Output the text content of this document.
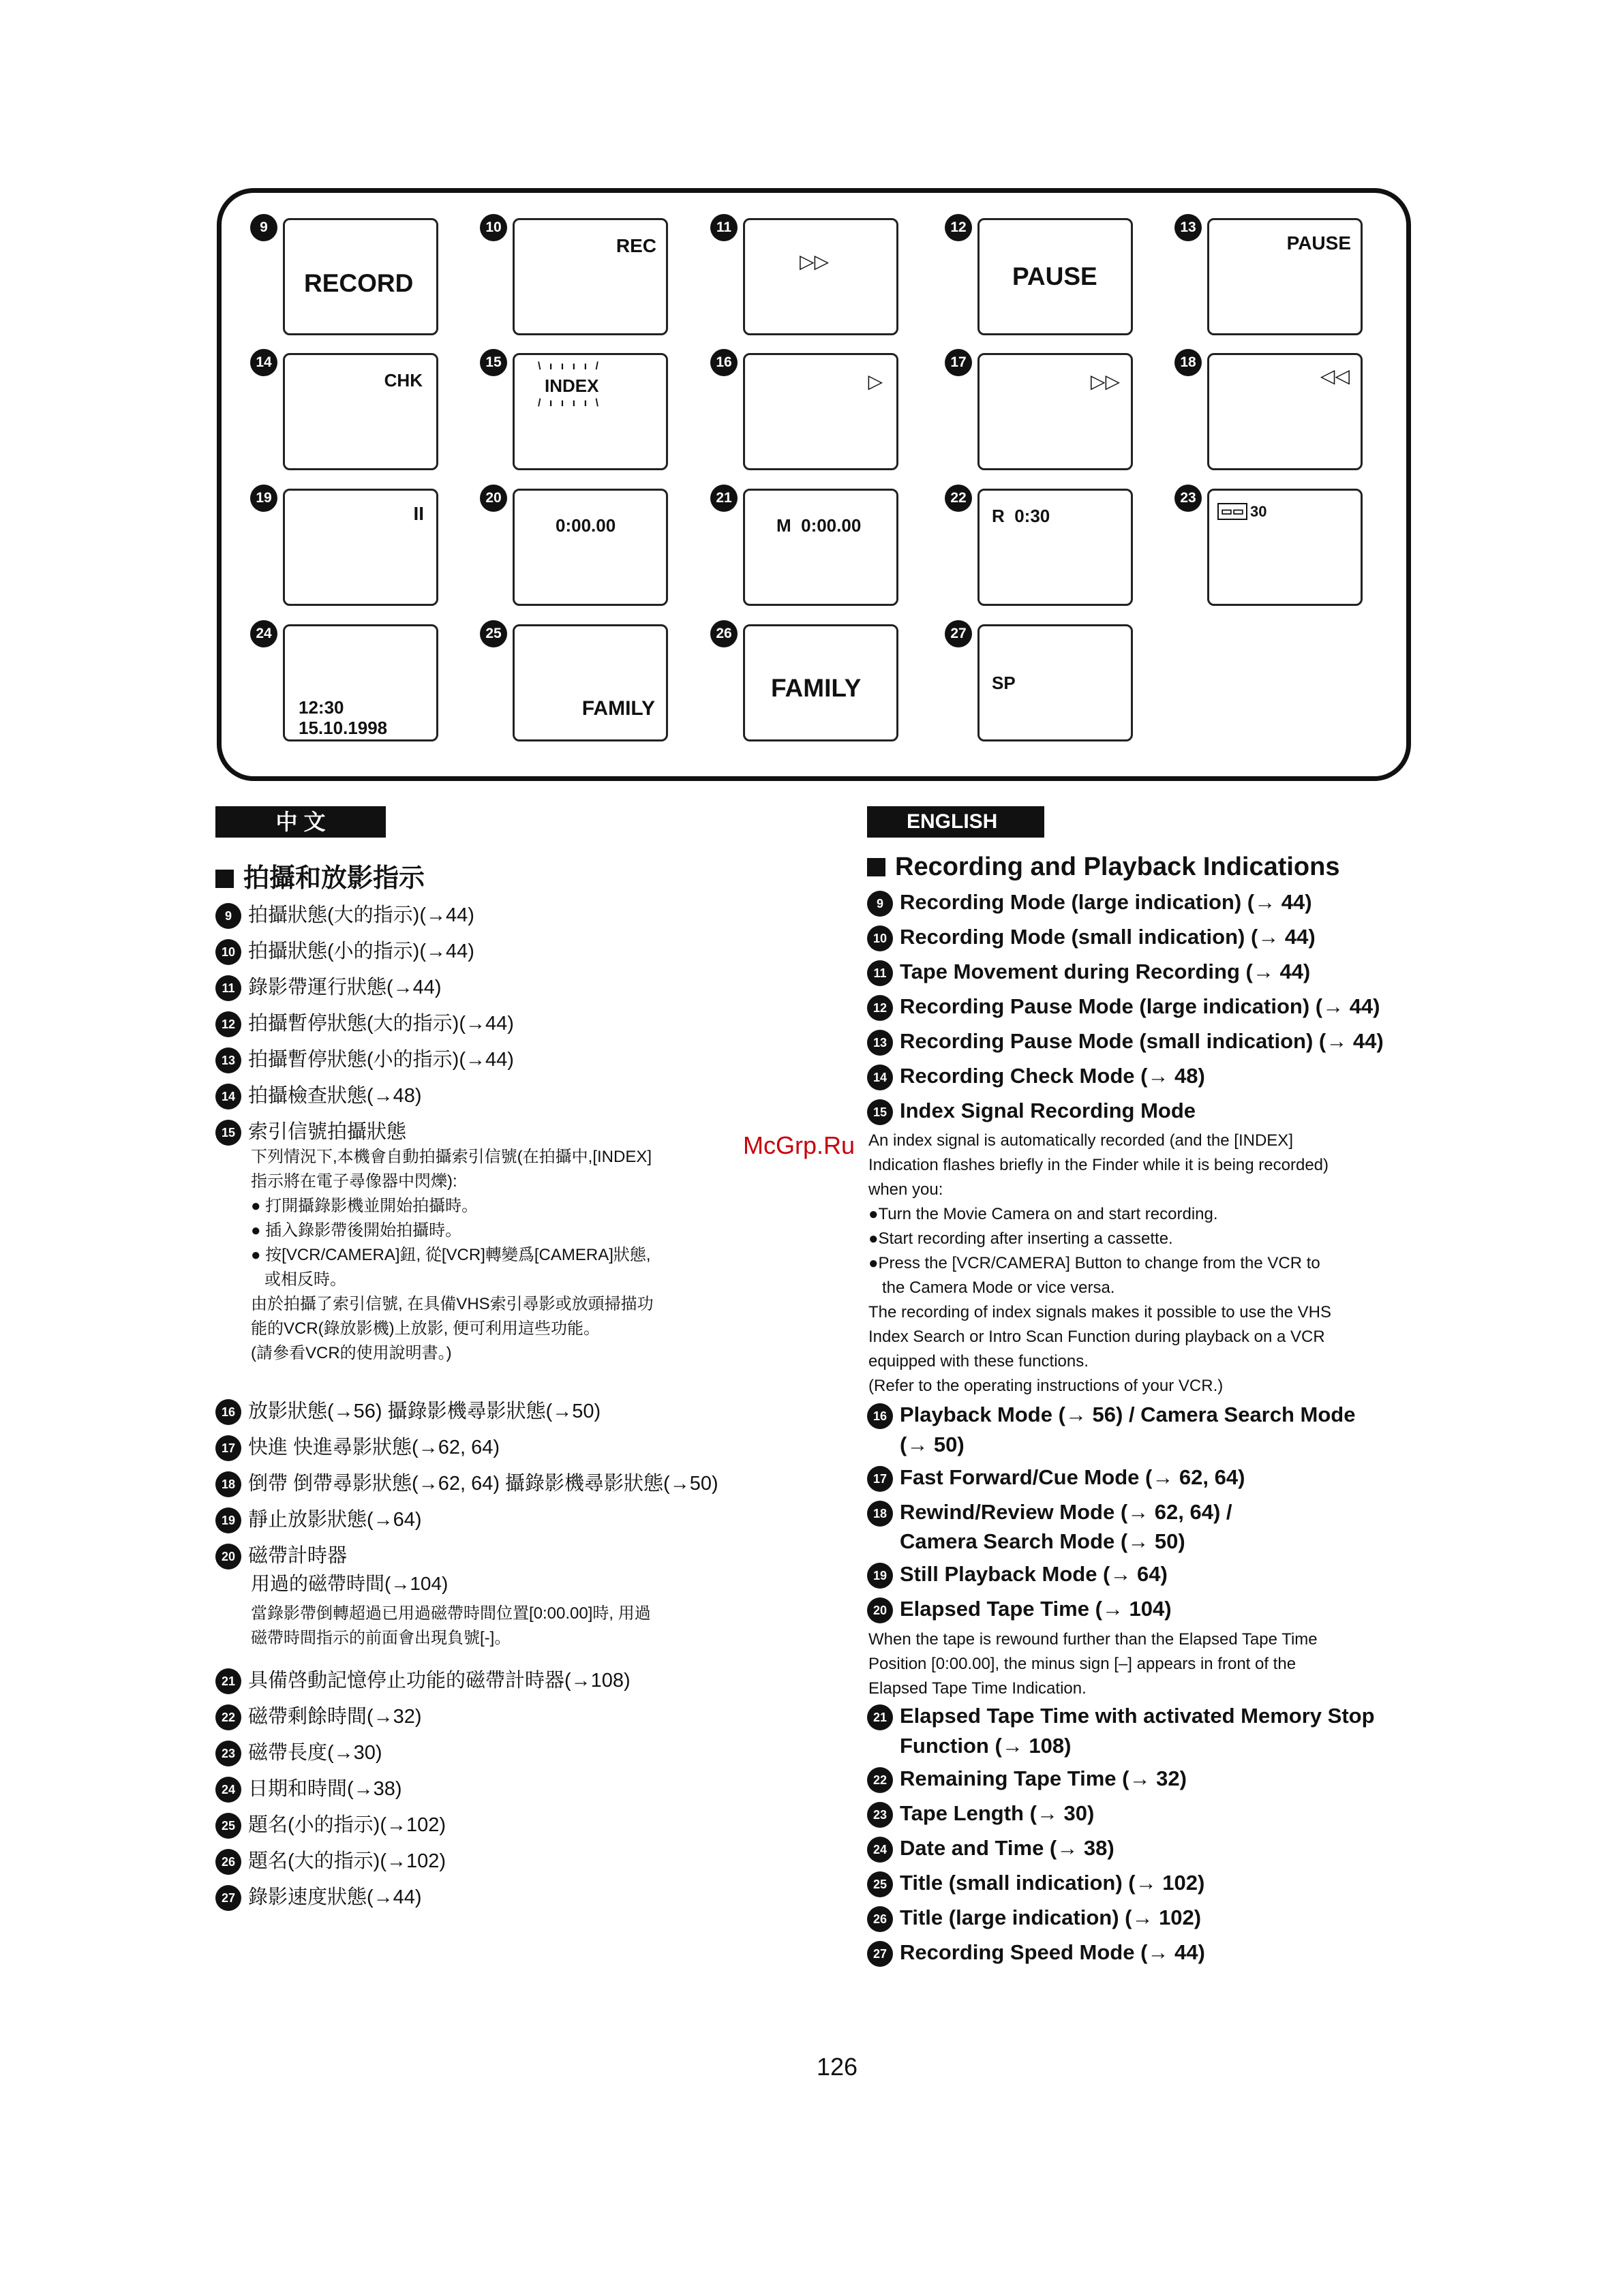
9
RECORD
10
REC
11
▷▷
12
PAUSE
13
PAUSE
14
CHK
15	\ ı ı ı ı /
INDEX
/ ı ı ı ı \
16
▷
17
▷▷
18
◁◁
19
II
20
0:00.00
21
M  0:00.00
22
R  0:30
23
▭▭ 30
24
12:30
15.10.1998
25
FAMILY
26
FAMILY
27
SP
中 文	ENGLISH
拍攝和放影指示
9 拍攝狀態(大的指示)(→44)
10 拍攝狀態(小的指示)(→44)
11 錄影帶運行狀態(→44)
12 拍攝暫停狀態(大的指示)(→44)
13 拍攝暫停狀態(小的指示)(→44)
14 拍攝檢查狀態(→48)
15 索引信號拍攝狀態
下列情況下,本機會自動拍攝索引信號(在拍攝中,[INDEX]
指示將在電子尋像器中閃爍):
● 打開攝錄影機並開始拍攝時。
● 插入錄影帶後開始拍攝時。
● 按[VCR/CAMERA]鈕, 從[VCR]轉變爲[CAMERA]狀態,
或相反時。
由於拍攝了索引信號, 在具備VHS索引尋影或放頭掃描功
能的VCR(錄放影機)上放影, 便可利用這些功能。
(請參看VCR的使用說明書。)
16 放影狀態(→56) 攝錄影機尋影狀態(→50)
17 快進 快進尋影狀態(→62, 64)
18 倒帶 倒帶尋影狀態(→62, 64) 攝錄影機尋影狀態(→50)
19 靜止放影狀態(→64)
20 磁帶計時器
用過的磁帶時間(→104)
當錄影帶倒轉超過已用過磁帶時間位置[0:00.00]時, 用過
磁帶時間指示的前面會出現負號[-]。
21 具備啓動記憶停止功能的磁帶計時器(→108)
22 磁帶剩餘時間(→32)
23 磁帶長度(→30)
24 日期和時間(→38)
25 題名(小的指示)(→102)
26 題名(大的指示)(→102)
27 錄影速度狀態(→44)
Recording and Playback Indications
9 Recording Mode (large indication) (→ 44)
10 Recording Mode (small indication) (→ 44)
11 Tape Movement during Recording (→ 44)
12 Recording Pause Mode (large indication) (→ 44)
13 Recording Pause Mode (small indication) (→ 44)
14 Recording Check Mode (→ 48)
15 Index Signal Recording Mode
An index signal is automatically recorded (and the [INDEX]
Indication flashes briefly in the Finder while it is being recorded)
when you:
●Turn the Movie Camera on and start recording.
●Start recording after inserting a cassette.
●Press the [VCR/CAMERA] Button to change from the VCR to
the Camera Mode or vice versa.
The recording of index signals makes it possible to use the VHS
Index Search or Intro Scan Function during playback on a VCR
equipped with these functions.
(Refer to the operating instructions of your VCR.)
16 Playback Mode (→ 56) / Camera Search Mode
(→ 50)
17 Fast Forward/Cue Mode (→ 62, 64)
18 Rewind/Review Mode (→ 62, 64) /
Camera Search Mode (→ 50)
19 Still Playback Mode (→ 64)
20 Elapsed Tape Time (→ 104)
When the tape is rewound further than the Elapsed Tape Time
Position [0:00.00], the minus sign [–] appears in front of the
Elapsed Tape Time Indication.
21 Elapsed Tape Time with activated Memory Stop
Function (→ 108)
22 Remaining Tape Time (→ 32)
23 Tape Length (→ 30)
24 Date and Time (→ 38)
25 Title (small indication) (→ 102)
26 Title (large indication) (→ 102)
27 Recording Speed Mode (→ 44)
McGrp.Ru
126
